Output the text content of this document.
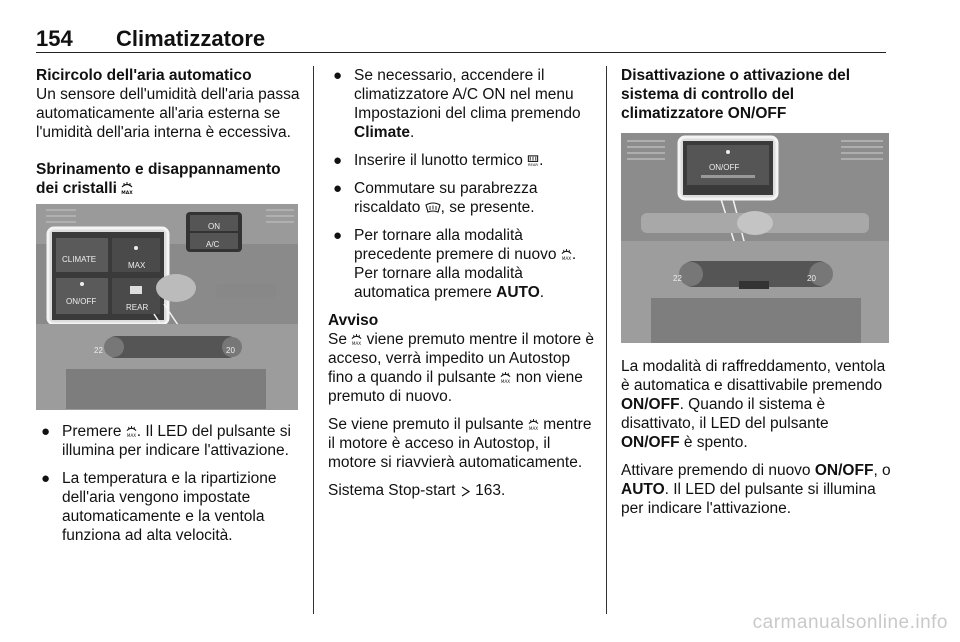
154 Climatizzatore
Ricircolo dell'aria automatico

Un sensore dell'umidità dell'aria passa automaticamente all'aria esterna se l'umidità dell'aria interna è eccessiva.

Sbrinamento e disappannamento dei cristalli MAX
CLIMATE
ON/OFF
MAX
REAR
ON
A/C
22	20
● Premere MAX . Il LED del pulsante si illumina per indicare l'attivazione.
● La temperatura e la ripartizione dell'aria vengono impostate automaticamente e la ventola funziona ad alta velocità.
● Se necessario, accendere il climatizzatore A/C ON nel menu Impostazioni del clima premendo Climate.
● Inserire il lunotto termico REAR .
● Commutare su parabrezza riscaldato , se presente.
● Per tornare alla modalità precedente premere di nuovo MAX . Per tornare alla modalità automatica premere AUTO.
Avviso

Se MAX viene premuto mentre il motore è acceso, verrà impedito un Autostop fino a quando il pulsante MAX non viene premuto di nuovo.

Se viene premuto il pulsante MAX mentre il motore è acceso in Autostop, il motore si riavvierà automaticamente.

Sistema Stop-start 163.

Disattivazione o attivazione del sistema di controllo del climatizzatore ON/OFF
ON/OFF
22	20

La modalità di raffreddamento, ventola è automatica e disattivabile premendo ON/OFF. Quando il sistema è disattivato, il LED del pulsante ON/OFF è spento.

Attivare premendo di nuovo ON/OFF, o AUTO. Il LED del pulsante si illumina per indicare l'attivazione.

carmanualsonline.info
